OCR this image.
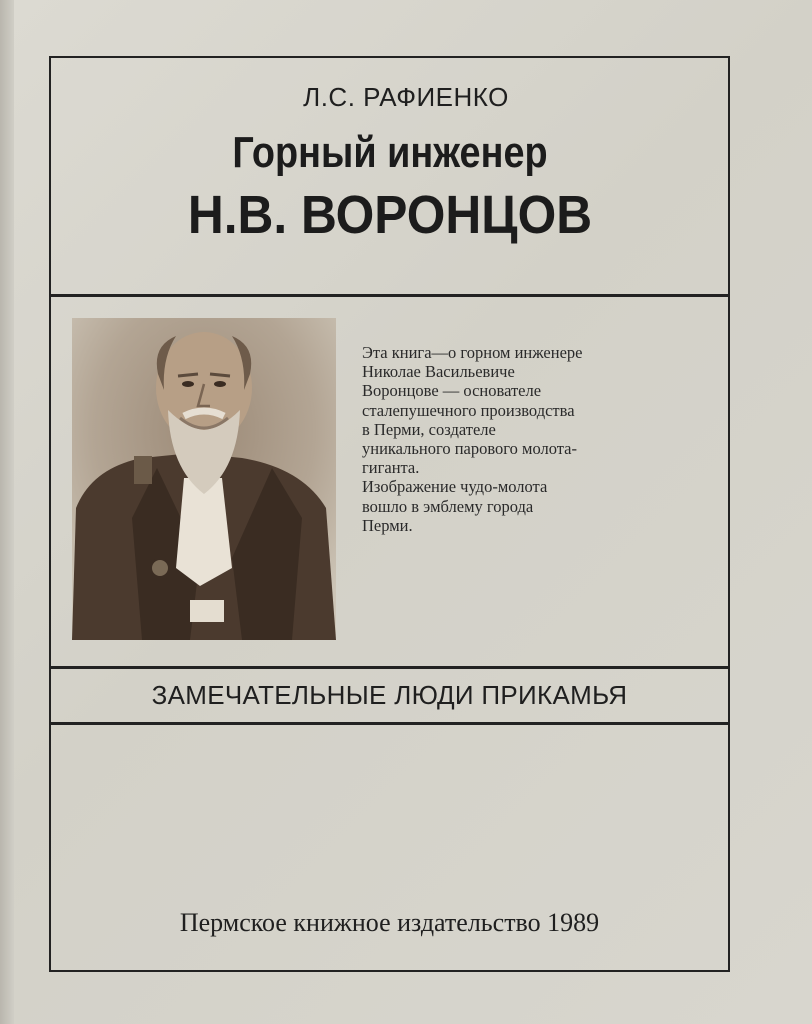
Л.С. РАФИЕНКО
Горный инженер
Н.В. ВОРОНЦОВ
Эта книга—о горном инженере
Николае Васильевиче
Воронцове — основателе
сталепушечного производства
в Перми, создателе
уникального парового молота-
гиганта.
Изображение чудо-молота
вошло в эмблему города
Перми.
ЗАМЕЧАТЕЛЬНЫЕ ЛЮДИ ПРИКАМЬЯ
Пермское книжное издательство 1989
